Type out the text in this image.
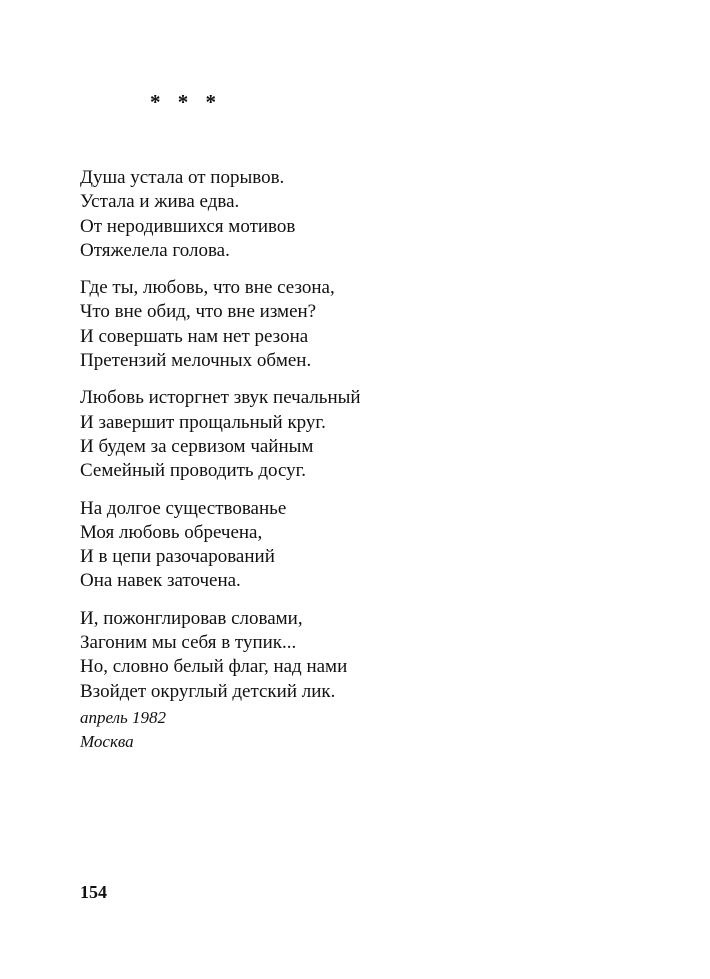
* * *
Душа устала от порывов.
Устала и жива едва.
От неродившихся мотивов
Отяжелела голова.
Где ты, любовь, что вне сезона,
Что вне обид, что вне измен?
И совершать нам нет резона
Претензий мелочных обмен.
Любовь исторгнет звук печальный
И завершит прощальный круг.
И будем за сервизом чайным
Семейный проводить досуг.
На долгое существованье
Моя любовь обречена,
И в цепи разочарований
Она навек заточена.
И, пожонглировав словами,
Загоним мы себя в тупик...
Но, словно белый флаг, над нами
Взойдет округлый детский лик.
апрель 1982
Москва
154
